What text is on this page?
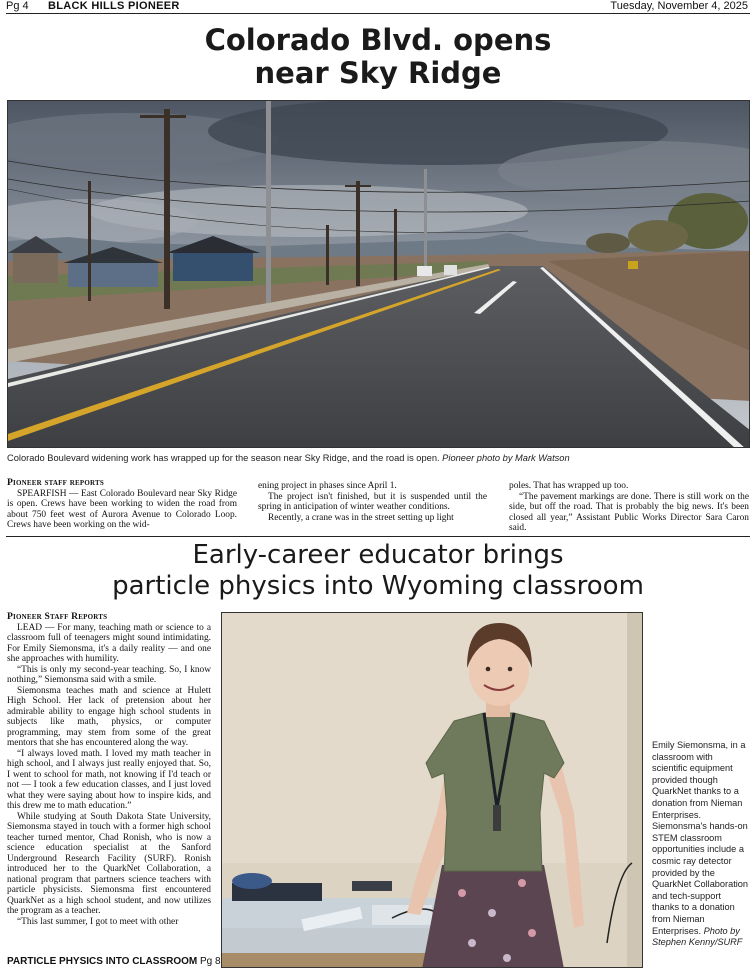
Pg 4 BLACK HILLS PIONEER	Tuesday, November 4, 2025
Colorado Blvd. opens
near Sky Ridge
Colorado Boulevard widening work has wrapped up for the season near Sky Ridge, and the road is open. Pioneer photo by Mark Watson
Pioneer staff reports

SPEARFISH — East Colorado Boulevard near Sky Ridge is open. Crews have been working to widen the road from about 750 feet west of Aurora Avenue to Colorado Loop. Crews have been working on the wid-

ening project in phases since April 1.

The project isn't finished, but it is suspended until the spring in anticipation of winter weather conditions.

Recently, a crane was in the street setting up light

poles. That has wrapped up too.

“The pavement markings are done. There is still work on the side, but off the road. That is probably the big news. It's been closed all year,” Assistant Public Works Director Sara Caron said.

Early-career educator brings
particle physics into Wyoming classroom
Pioneer Staff Reports

LEAD — For many, teaching math or science to a classroom full of teenagers might sound intimidating. For Emily Siemonsma, it's a daily reality — and one she approaches with humility.

“This is only my second-year teaching. So, I know nothing,” Siemonsma said with a smile.

Siemonsma teaches math and science at Hulett High School. Her lack of pretension about her admirable ability to engage high school students in subjects like math, physics, or computer programming, may stem from some of the great mentors that she has encountered along the way.

“I always loved math. I loved my math teacher in high school, and I always just really enjoyed that. So, I went to school for math, not knowing if I'd teach or not — I took a few education classes, and I just loved what they were saying about how to inspire kids, and this drew me to math education.”

While studying at South Dakota State University, Siemonsma stayed in touch with a former high school teacher turned mentor, Chad Ronish, who is now a science education specialist at the Sanford Underground Research Facility (SURF). Ronish introduced her to the QuarkNet Collaboration, a national program that partners science teachers with particle physicists. Siemonsma first encountered QuarkNet as a high school student, and now utilizes the program as a teacher.

“This last summer, I got to meet with other

Emily Siemonsma, in a classroom with scientific equipment provided though QuarkNet thanks to a donation from Nieman Enterprises. Siemonsma's hands-on STEM classroom opportunities include a cosmic ray detector provided by the QuarkNet Collaboration and tech-support thanks to a donation from Nieman Enterprises. Photo by Stephen Kenny/SURF
PARTICLE PHYSICS INTO CLASSROOM Pg 8
